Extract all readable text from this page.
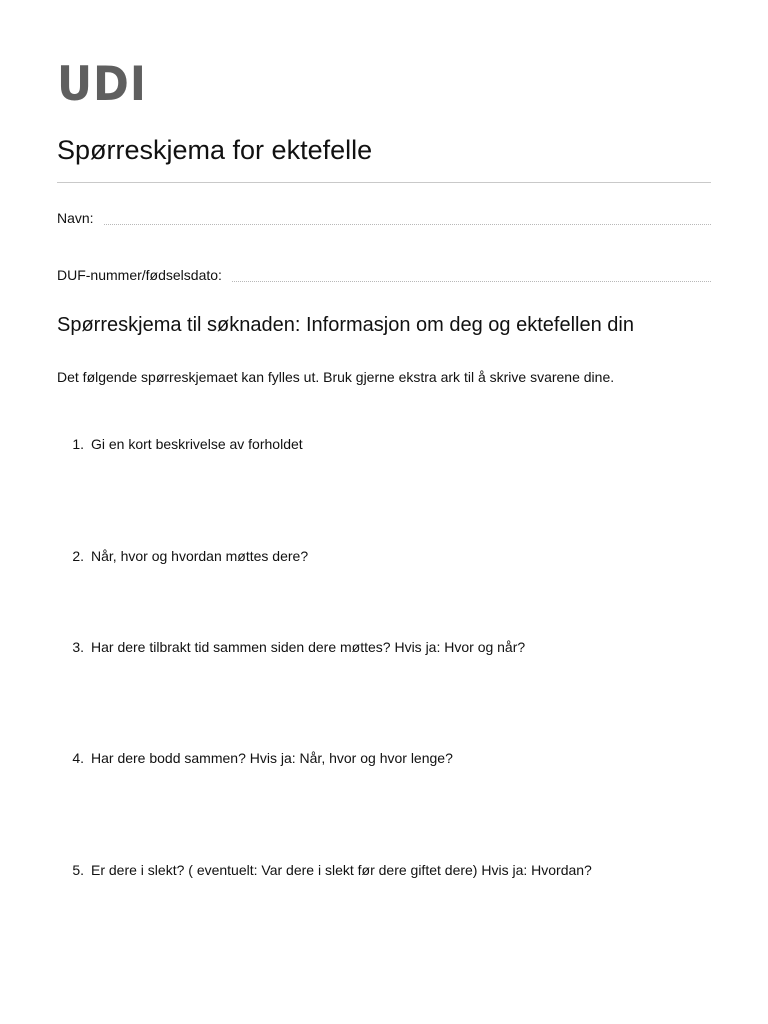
UDI
Spørreskjema for ektefelle
Navn:
DUF-nummer/fødselsdato:
Spørreskjema til søknaden: Informasjon om deg og ektefellen din

Det følgende spørreskjemaet kan fylles ut. Bruk gjerne ekstra ark til å skrive svarene dine.

1. Gi en kort beskrivelse av forholdet
2. Når, hvor og hvordan møttes dere?
3. Har dere tilbrakt tid sammen siden dere møttes? Hvis ja: Hvor og når?
4. Har dere bodd sammen? Hvis ja: Når, hvor og hvor lenge?
5. Er dere i slekt? ( eventuelt: Var dere i slekt før dere giftet dere) Hvis ja: Hvordan?
